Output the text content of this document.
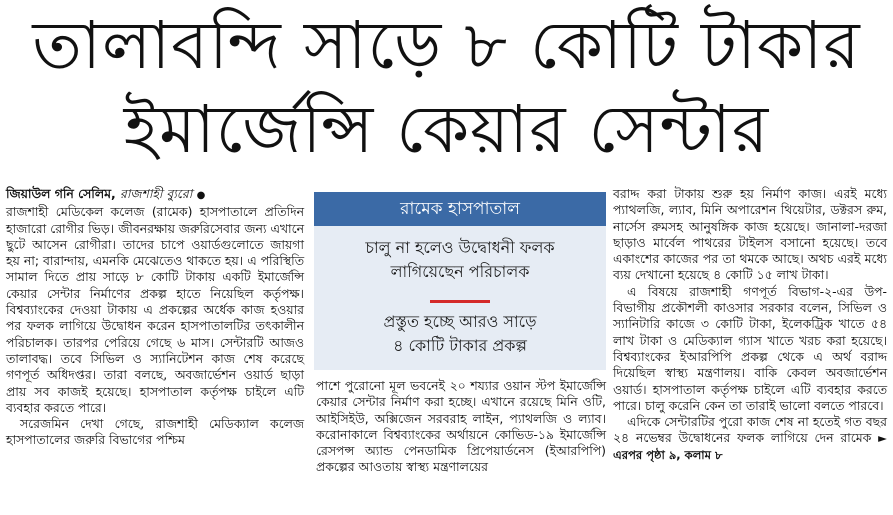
তালাবন্দি সাড়ে ৮ কোটি টাকার
ইমার্জেন্সি কেয়ার সেন্টার

জিয়াউল গনি সেলিম, রাজশাহী ব্যুরো ●

রাজশাহী মেডিকেল কলেজ (রামেক) হাসপাতালে প্রতিদিন হাজারো রোগীর ভিড়। জীবনরক্ষায় জরুরিসেবার জন্য এখানে ছুটে আসেন রোগীরা। তাদের চাপে ওয়ার্ডগুলোতে জায়গা হয় না; বারান্দায়, এমনকি মেঝেতেও থাকতে হয়। এ পরিস্থিতি সামাল দিতে প্রায় সাড়ে ৮ কোটি টাকায় একটি ইমার্জেন্সি কেয়ার সেন্টার নির্মাণের প্রকল্প হাতে নিয়েছিল কর্তৃপক্ষ। বিশ্বব্যাংকের দেওয়া টাকায় এ প্রকল্পের অর্ধেক কাজ হওয়ার পর ফলক লাগিয়ে উদ্বোধন করেন হাসপাতালটির তৎকালীন পরিচালক। তারপর পেরিয়ে গেছে ৬ মাস। সেন্টারটি আজও তালাবদ্ধ। তবে সিভিল ও স্যানিটেশন কাজ শেষ করেছে গণপূর্ত অধিদপ্তর। তারা বলছে, অবজার্ভেশন ওয়ার্ড ছাড়া প্রায় সব কাজই হয়েছে। হাসপাতাল কর্তৃপক্ষ চাইলে এটি ব্যবহার করতে পারে।

সরেজমিন দেখা গেছে, রাজশাহী মেডিক্যাল কলেজ হাসপাতালের জরুরি বিভাগের পশ্চিম

রামেক হাসপাতাল
চালু না হলেও উদ্বোধনী ফলক
লাগিয়েছেন পরিচালক
প্রস্তুত হচ্ছে আরও সাড়ে
৪ কোটি টাকার প্রকল্প

পাশে পুরোনো মূল ভবনেই ২০ শয্যার ওয়ান স্টপ ইমার্জেন্সি কেয়ার সেন্টার নির্মাণ করা হচ্ছে। এখানে রয়েছে মিনি ওটি, আইসিইউ, অক্সিজেন সরবরাহ লাইন, প্যাথলজি ও ল্যাব। করোনাকালে বিশ্বব্যাংকের অর্থায়নে কোভিড-১৯ ইমার্জেন্সি রেসপন্স অ্যান্ড পেনডামিক প্রিপেয়ার্ডনেস (ইআরপিপি) প্রকল্পের আওতায় স্বাস্থ্য মন্ত্রণালয়ের

বরাদ্দ করা টাকায় শুরু হয় নির্মাণ কাজ। এরই মধ্যে প্যাথলজি, ল্যাব, মিনি অপারেশন থিয়েটার, ডক্টরস রুম, নার্সেস রুমসহ আনুষঙ্গিক কাজ হয়েছে। জানালা-দরজা ছাড়াও মার্বেল পাথরের টাইলস বসানো হয়েছে। তবে একাংশের কাজের পর তা থমকে আছে। অথচ এরই মধ্যে ব্যয় দেখানো হয়েছে ৪ কোটি ১৫ লাখ টাকা।

এ বিষয়ে রাজশাহী গণপূর্ত বিভাগ-২-এর উপ-বিভাগীয় প্রকৌশলী কাওসার সরকার বলেন, সিভিল ও স্যানিটারি কাজে ৩ কোটি টাকা, ইলেকট্রিক খাতে ৫৪ লাখ টাকা ও মেডিক্যাল গ্যাস খাতে খরচ করা হয়েছে। বিশ্বব্যাংকের ইআরপিপি প্রকল্প থেকে এ অর্থ বরাদ্দ দিয়েছিল স্বাস্থ্য মন্ত্রণালয়। বাকি কেবল অবজার্ভেশন ওয়ার্ড। হাসপাতাল কর্তৃপক্ষ চাইলে এটি ব্যবহার করতে পারে। চালু করেনি কেন তা তারাই ভালো বলতে পারবে।

এদিকে সেন্টারটির পুরো কাজ শেষ না হতেই গত বছর ২৪ নভেম্বর উদ্বোধনের ফলক লাগিয়ে দেন রামেক ► এরপর পৃষ্ঠা ৯, কলাম ৮
